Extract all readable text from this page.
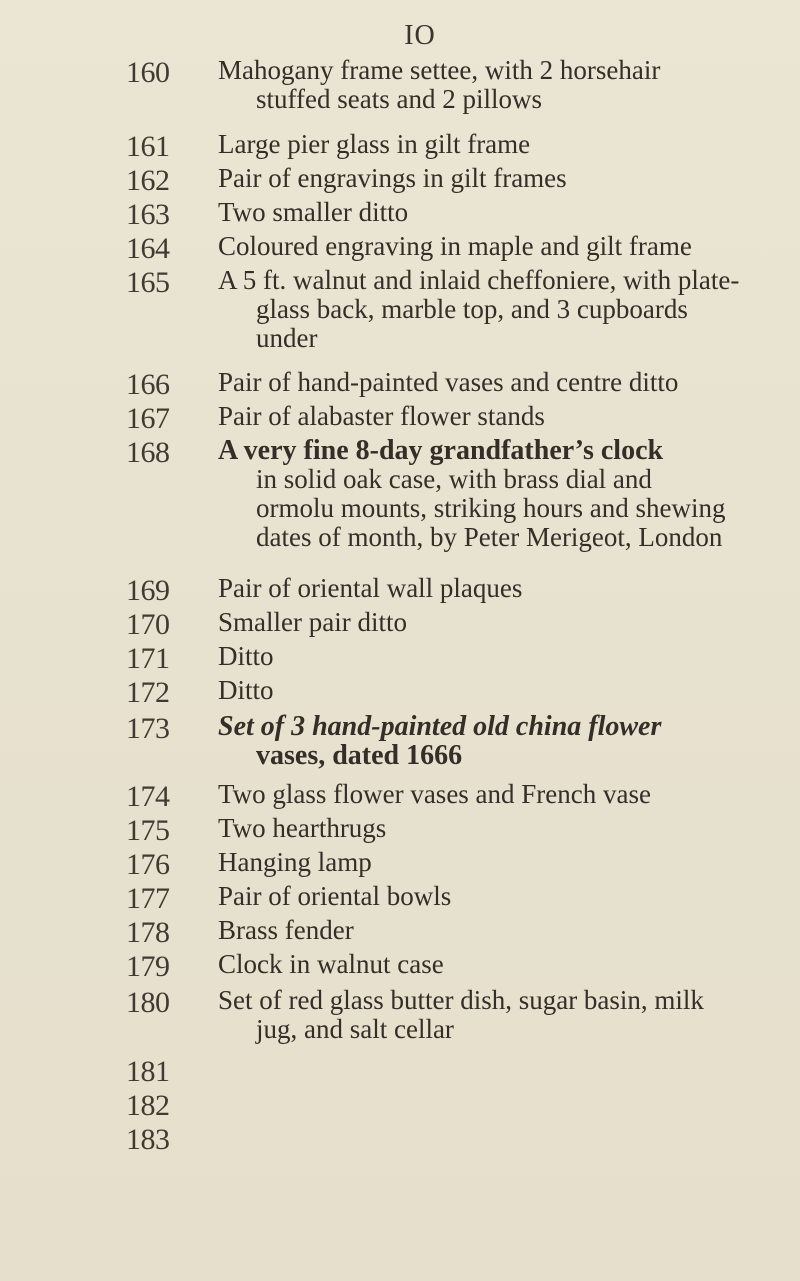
IO
160	Mahogany frame settee, with 2 horsehair
stuffed seats and 2 pillows
161	Large pier glass in gilt frame
162	Pair of engravings in gilt frames
163	Two smaller ditto
164	Coloured engraving in maple and gilt frame
165	A 5 ft. walnut and inlaid cheffoniere, with plate-
glass back, marble top, and 3 cupboards
under
166	Pair of hand-painted vases and centre ditto
167	Pair of alabaster flower stands
168	A very fine 8-day grandfather’s clock
in solid oak case, with brass dial and
ormolu mounts, striking hours and shewing
dates of month, by Peter Merigeot, London
169	Pair of oriental wall plaques
170	Smaller pair ditto
171	Ditto
172	Ditto
173	Set of 3 hand-painted old china flower
vases, dated 1666
174	Two glass flower vases and French vase
175	Two hearthrugs
176	Hanging lamp
177	Pair of oriental bowls
178	Brass fender
179	Clock in walnut case
180	Set of red glass butter dish, sugar basin, milk
jug, and salt cellar
181
182
183
